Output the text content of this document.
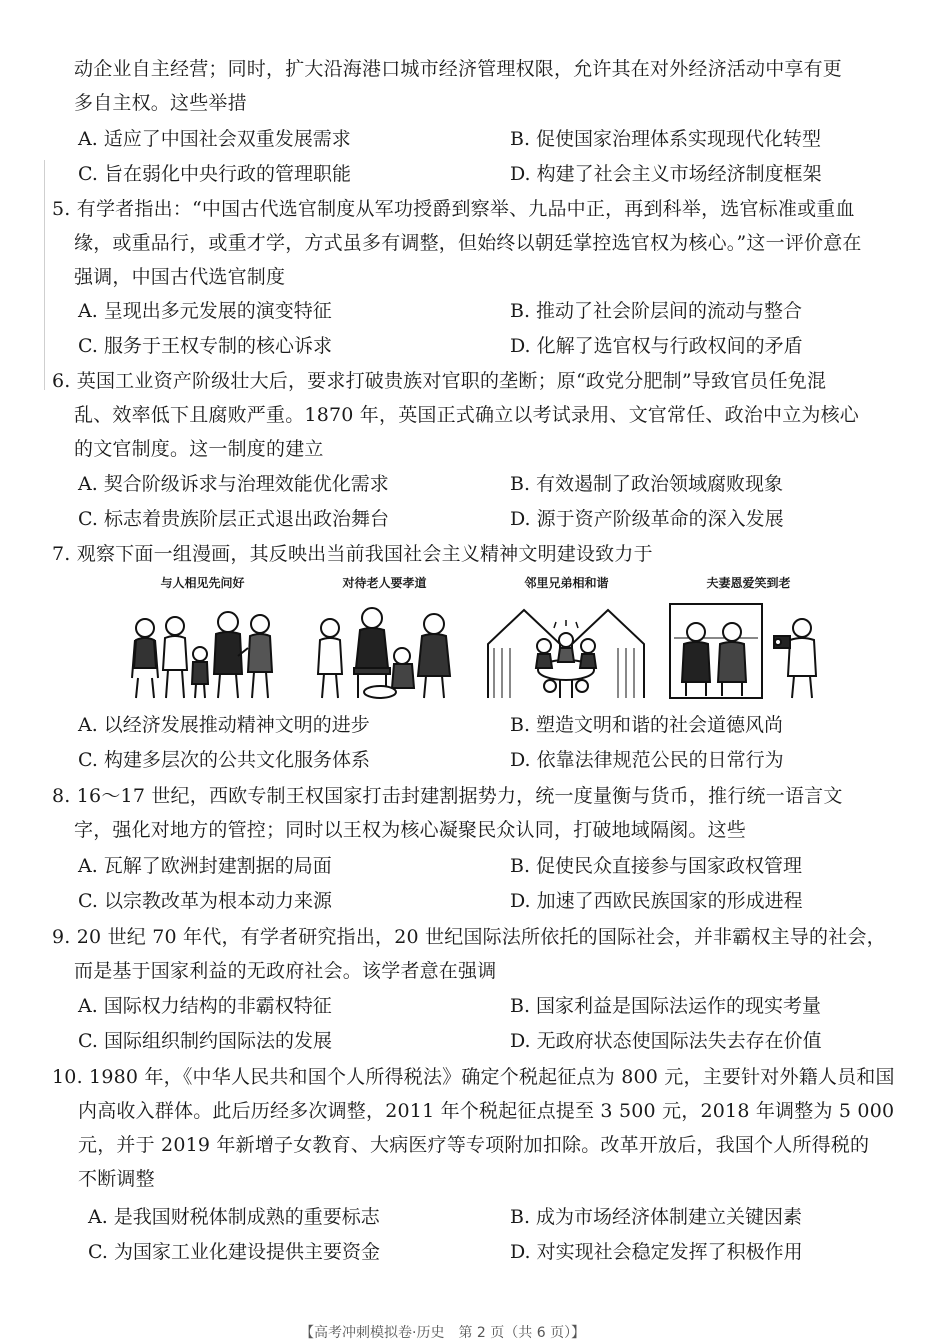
动企业自主经营；同时，扩大沿海港口城市经济管理权限，允许其在对外经济活动中享有更
多自主权。这些举措
A. 适应了中国社会双重发展需求	B. 促使国家治理体系实现现代化转型
C. 旨在弱化中央行政的管理职能	D. 构建了社会主义市场经济制度框架
5. 有学者指出：“中国古代选官制度从军功授爵到察举、九品中正，再到科举，选官标准或重血
缘，或重品行，或重才学，方式虽多有调整，但始终以朝廷掌控选官权为核心。”这一评价意在
强调，中国古代选官制度
A. 呈现出多元发展的演变特征	B. 推动了社会阶层间的流动与整合
C. 服务于王权专制的核心诉求	D. 化解了选官权与行政权间的矛盾
6. 英国工业资产阶级壮大后，要求打破贵族对官职的垄断；原“政党分肥制”导致官员任免混
乱、效率低下且腐败严重。1870 年，英国正式确立以考试录用、文官常任、政治中立为核心
的文官制度。这一制度的建立
A. 契合阶级诉求与治理效能优化需求	B. 有效遏制了政治领域腐败现象
C. 标志着贵族阶层正式退出政治舞台	D. 源于资产阶级革命的深入发展
7. 观察下面一组漫画，其反映出当前我国社会主义精神文明建设致力于
与人相见先问好	对待老人要孝道	邻里兄弟相和谐	夫妻恩爱笑到老
A. 以经济发展推动精神文明的进步	B. 塑造文明和谐的社会道德风尚
C. 构建多层次的公共文化服务体系	D. 依靠法律规范公民的日常行为
8. 16～17 世纪，西欧专制王权国家打击封建割据势力，统一度量衡与货币，推行统一语言文
字，强化对地方的管控；同时以王权为核心凝聚民众认同，打破地域隔阂。这些
A. 瓦解了欧洲封建割据的局面	B. 促使民众直接参与国家政权管理
C. 以宗教改革为根本动力来源	D. 加速了西欧民族国家的形成进程
9. 20 世纪 70 年代，有学者研究指出，20 世纪国际法所依托的国际社会，并非霸权主导的社会，
而是基于国家利益的无政府社会。该学者意在强调
A. 国际权力结构的非霸权特征	B. 国家利益是国际法运作的现实考量
C. 国际组织制约国际法的发展	D. 无政府状态使国际法失去存在价值
10. 1980 年，《中华人民共和国个人所得税法》确定个税起征点为 800 元，主要针对外籍人员和国
内高收入群体。此后历经多次调整，2011 年个税起征点提至 3 500 元，2018 年调整为 5 000
元，并于 2019 年新增子女教育、大病医疗等专项附加扣除。改革开放后，我国个人所得税的
不断调整
A. 是我国财税体制成熟的重要标志	B. 成为市场经济体制建立关键因素
C. 为国家工业化建设提供主要资金	D. 对实现社会稳定发挥了积极作用
【高考冲刺模拟卷·历史　第 2 页（共 6 页）】
